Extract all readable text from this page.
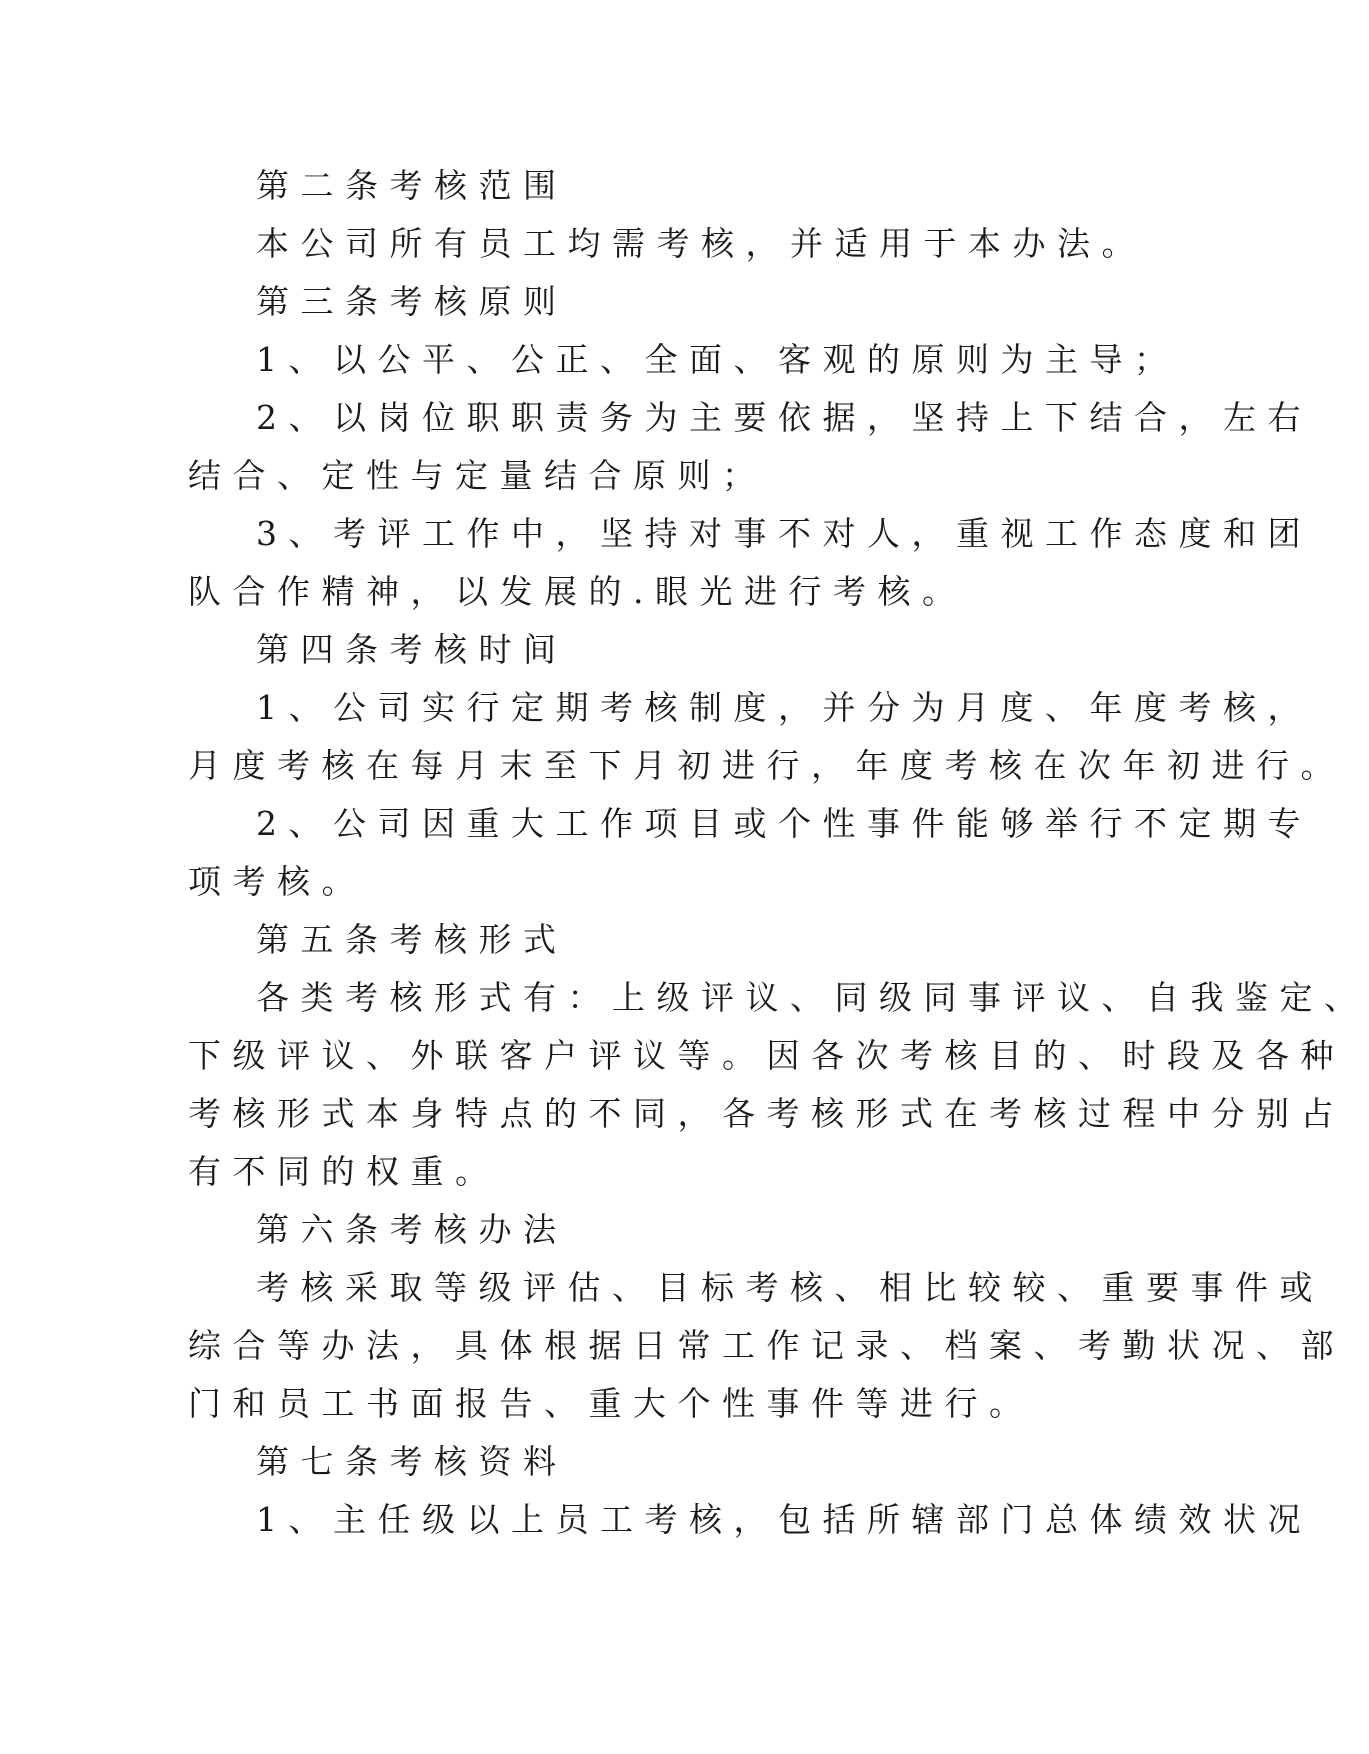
第二条考核范围
本公司所有员工均需考核，并适用于本办法。
第三条考核原则
1、以公平、公正、全面、客观的原则为主导；
2、以岗位职职责务为主要依据，坚持上下结合，左右
结合、定性与定量结合原则；
3、考评工作中，坚持对事不对人，重视工作态度和团
队合作精神，以发展的.眼光进行考核。
第四条考核时间
1、公司实行定期考核制度，并分为月度、年度考核，
月度考核在每月末至下月初进行，年度考核在次年初进行。
2、公司因重大工作项目或个性事件能够举行不定期专
项考核。
第五条考核形式
各类考核形式有：上级评议、同级同事评议、自我鉴定、
下级评议、外联客户评议等。因各次考核目的、时段及各种
考核形式本身特点的不同，各考核形式在考核过程中分别占
有不同的权重。
第六条考核办法
考核采取等级评估、目标考核、相比较较、重要事件或
综合等办法，具体根据日常工作记录、档案、考勤状况、部
门和员工书面报告、重大个性事件等进行。
第七条考核资料
1、主任级以上员工考核，包括所辖部门总体绩效状况
